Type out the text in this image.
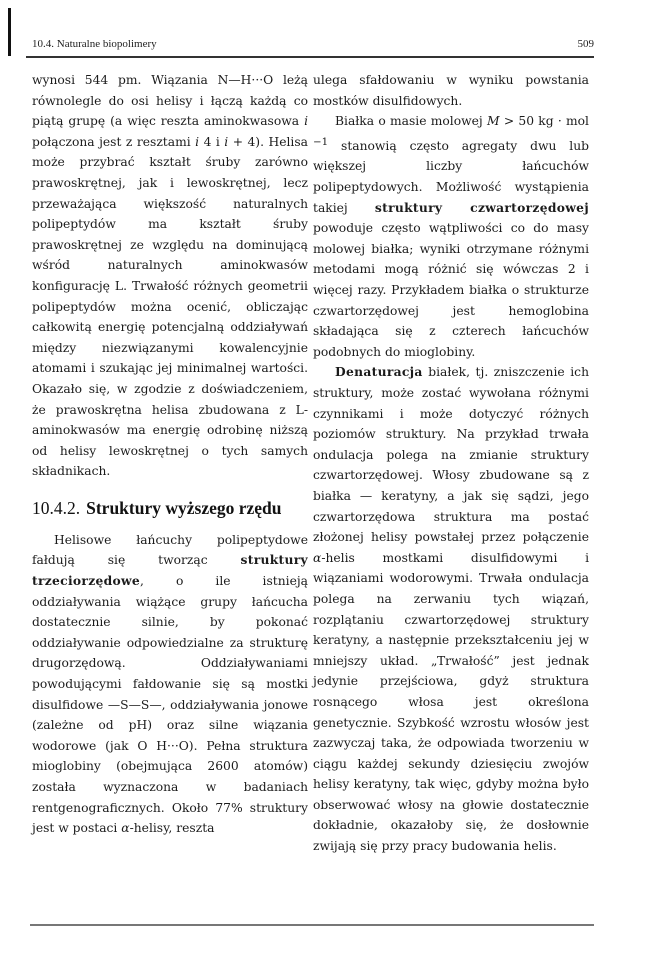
10.4. Naturalne biopolimery	509

wynosi 544 pm. Wiązania N—H···O leżą równolegle do osi helisy i łączą każdą co piątą grupę (a więc reszta aminokwasowa i połączona jest z resztami i 4 i i + 4). Helisa może przybrać kształt śruby zarówno prawoskrętnej, jak i lewoskrętnej, lecz przeważająca większość naturalnych polipeptydów ma kształt śruby prawoskrętnej ze względu na dominującą wśród naturalnych aminokwasów konfigurację L. Trwałość różnych geometrii polipeptydów można ocenić, obliczając całkowitą energię potencjalną oddziaływań między niezwiązanymi kowalencyjnie atomami i szukając jej minimalnej wartości. Okazało się, w zgodzie z doświadczeniem, że prawoskrętna helisa zbudowana z L-aminokwasów ma energię odrobinę niższą od helisy lewoskrętnej o tych samych składnikach.

10.4.2. Struktury wyższego rzędu

Helisowe łańcuchy polipeptydowe fałdują się tworząc struktury trzeciorzędowe, o ile istnieją oddziaływania wiążące grupy łańcucha dostatecznie silnie, by pokonać oddziaływanie odpowiedzialne za strukturę drugorzędową. Oddziaływaniami powodującymi fałdowanie się są mostki disulfidowe —S—S—, oddziaływania jonowe (zależne od pH) oraz silne wiązania wodorowe (jak O H···O). Pełna struktura mioglobiny (obejmująca 2600 atomów) została wyznaczona w badaniach rentgenograficznych. Około 77% struktury jest w postaci α-helisy, reszta

ulega sfałdowaniu w wyniku powstania mostków disulfidowych.

Białka o masie molowej M > 50 kg · mol $^{-1}$ stanowią często agregaty dwu lub większej liczby łańcuchów polipeptydowych. Możliwość wystąpienia takiej struktury czwartorzędowej powoduje często wątpliwości co do masy molowej białka; wyniki otrzymane różnymi metodami mogą różnić się wówczas 2 i więcej razy. Przykładem białka o strukturze czwartorzędowej jest hemoglobina składająca się z czterech łańcuchów podobnych do mioglobiny.

Denaturacja białek, tj. zniszczenie ich struktury, może zostać wywołana różnymi czynnikami i może dotyczyć różnych poziomów struktury. Na przykład trwała ondulacja polega na zmianie struktury czwartorzędowej. Włosy zbudowane są z białka — keratyny, a jak się sądzi, jego czwartorzędowa struktura ma postać złożonej helisy powstałej przez połączenie α-helis mostkami disulfidowymi i wiązaniami wodorowymi. Trwała ondulacja polega na zerwaniu tych wiązań, rozplątaniu czwartorzędowej struktury keratyny, a następnie przekształceniu jej w mniejszy układ. „Trwałość” jest jednak jedynie przejściowa, gdyż struktura rosnącego włosa jest określona genetycznie. Szybkość wzrostu włosów jest zazwyczaj taka, że odpowiada tworzeniu w ciągu każdej sekundy dziesięciu zwojów helisy keratyny, tak więc, gdyby można było obserwować włosy na głowie dostatecznie dokładnie, okazałoby się, że dosłownie zwijają się przy pracy budowania helis.
